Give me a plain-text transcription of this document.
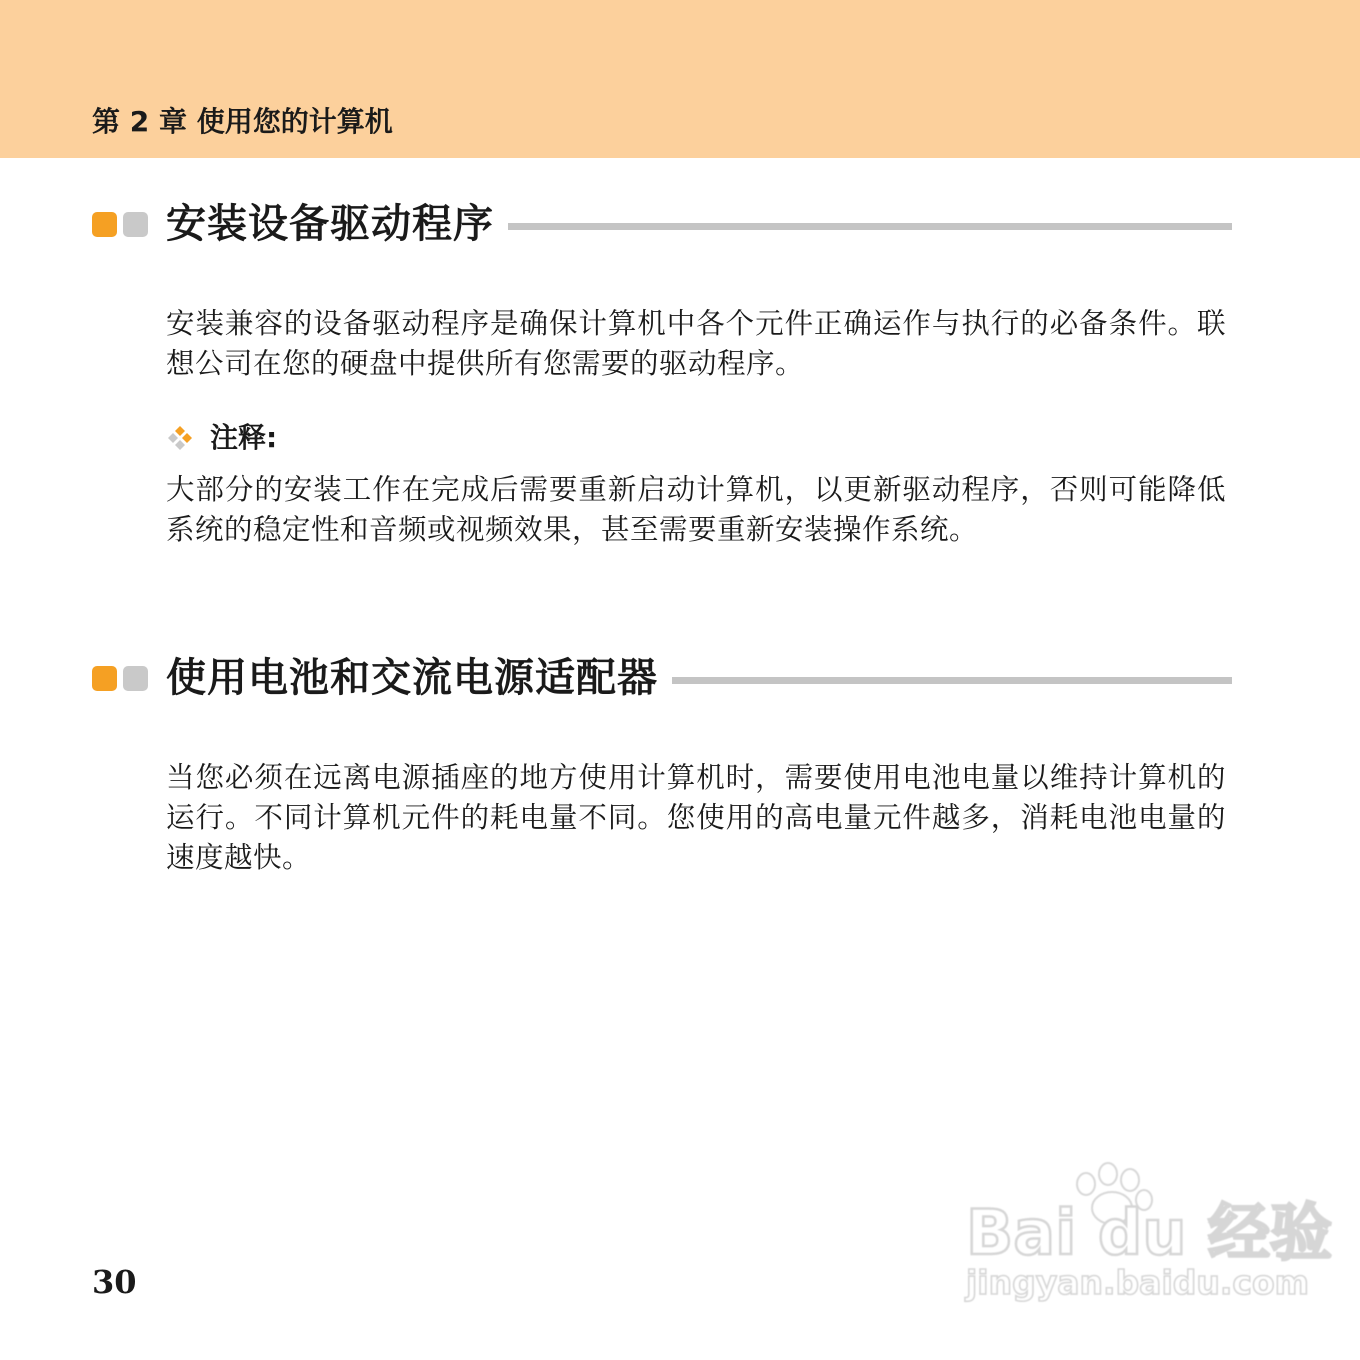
第 2 章 使用您的计算机
安装设备驱动程序
安装兼容的设备驱动程序是确保计算机中各个元件正确运作与执行的必备条件。联想公司在您的硬盘中提供所有您需要的驱动程序。
注释:
大部分的安装工作在完成后需要重新启动计算机，以更新驱动程序，否则可能降低系统的稳定性和音频或视频效果，甚至需要重新安装操作系统。
使用电池和交流电源适配器
当您必须在远离电源插座的地方使用计算机时，需要使用电池电量以维持计算机的运行。不同计算机元件的耗电量不同。您使用的高电量元件越多，消耗电池电量的速度越快。
30
Bai du 经验
jingyan.baidu.com
